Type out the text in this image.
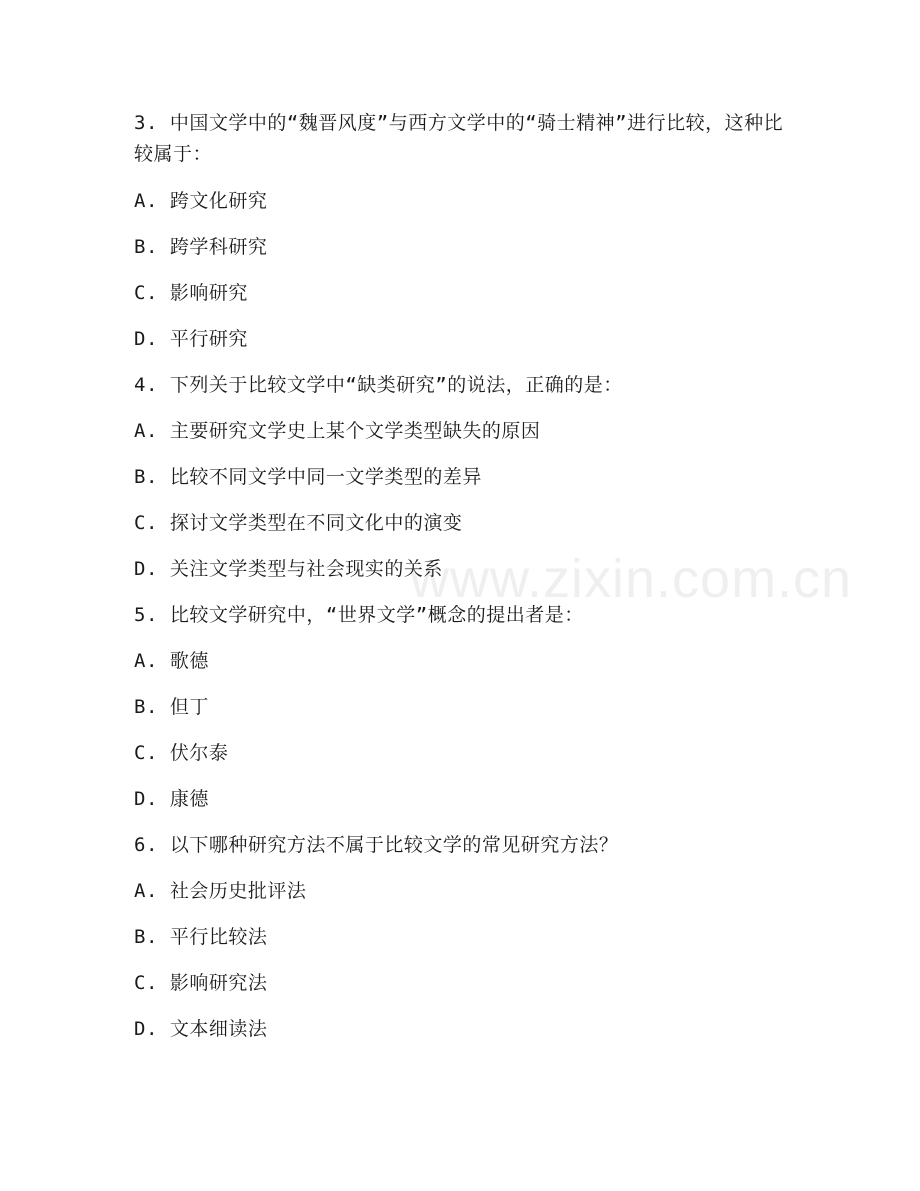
www.zixin.com.cn

3. 中国文学中的“魏晋风度”与西方文学中的“骑士精神”进行比较，这种比较属于：

A. 跨文化研究

B. 跨学科研究

C. 影响研究

D. 平行研究

4. 下列关于比较文学中“缺类研究”的说法，正确的是：

A. 主要研究文学史上某个文学类型缺失的原因

B. 比较不同文学中同一文学类型的差异

C. 探讨文学类型在不同文化中的演变

D. 关注文学类型与社会现实的关系

5. 比较文学研究中，“世界文学”概念的提出者是：

A. 歌德

B. 但丁

C. 伏尔泰

D. 康德

6. 以下哪种研究方法不属于比较文学的常见研究方法？

A. 社会历史批评法

B. 平行比较法

C. 影响研究法

D. 文本细读法
